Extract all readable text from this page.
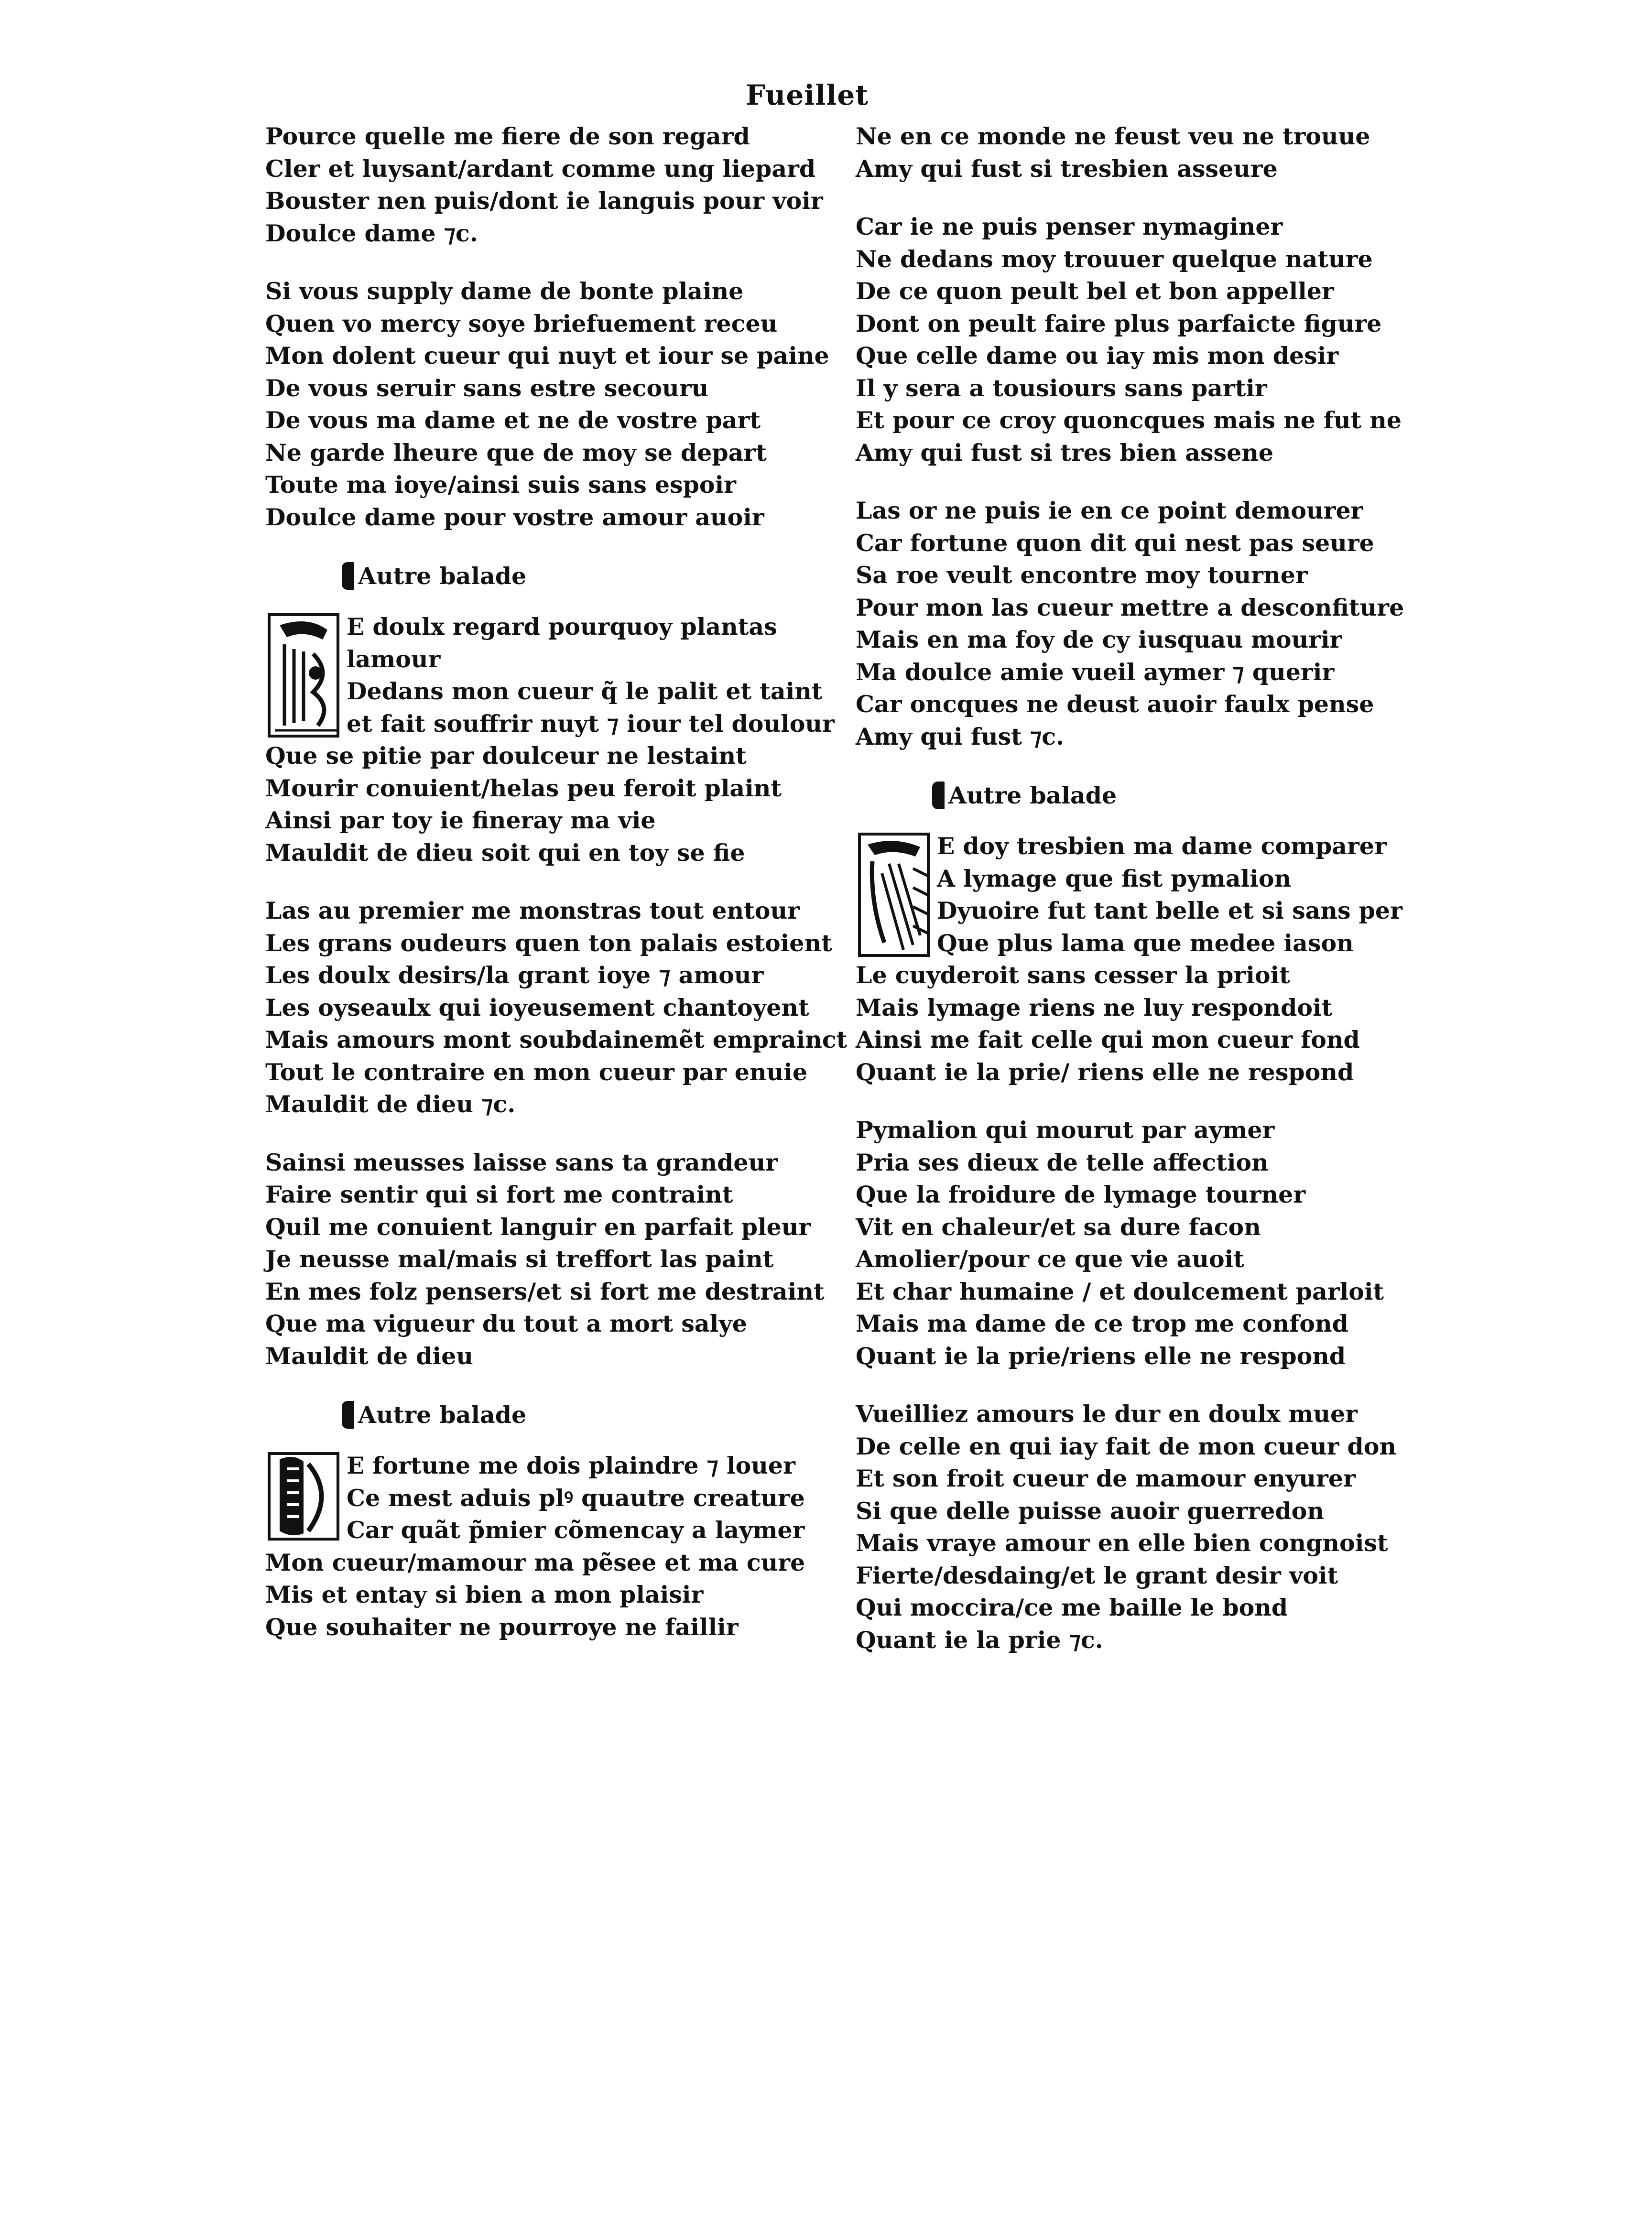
Fueillet
Pource quelle me fiere de son regard
Cler et luysant/ardant comme ung liepard
Bouster nen puis/dont ie languis pour voir
Doulce dame ⁊c.
Si vous supply dame de bonte plaine
Quen vo mercy soye briefuement receu
Mon dolent cueur qui nuyt et iour se paine
De vous seruir sans estre secouru
De vous ma dame et ne de vostre part
Ne garde lheure que de moy se depart
Toute ma ioye/ainsi suis sans espoir
Doulce dame pour vostre amour auoir
Autre balade
E doulx regard pourquoy plantas
lamour
Dedans mon cueur q̃ le palit et taint
et fait souffrir nuyt ⁊ iour tel doulour
Que se pitie par doulceur ne lestaint
Mourir conuient/helas peu feroit plaint
Ainsi par toy ie fineray ma vie
Mauldit de dieu soit qui en toy se fie
Las au premier me monstras tout entour
Les grans oudeurs quen ton palais estoient
Les doulx desirs/la grant ioye ⁊ amour
Les oyseaulx qui ioyeusement chantoyent
Mais amours mont soubdainemẽt emprainct
Tout le contraire en mon cueur par enuie
Mauldit de dieu ⁊c.
Sainsi meusses laisse sans ta grandeur
Faire sentir qui si fort me contraint
Quil me conuient languir en parfait pleur
Je neusse mal/mais si treffort las paint
En mes folz pensers/et si fort me destraint
Que ma vigueur du tout a mort salye
Mauldit de dieu
Autre balade
E fortune me dois plaindre ⁊ louer
Ce mest aduis plꝰ quautre creature
Car quãt p̃mier cõmencay a laymer
Mon cueur/mamour ma pẽsee et ma cure
Mis et entay si bien a mon plaisir
Que souhaiter ne pourroye ne faillir
Ne en ce monde ne feust veu ne trouue
Amy qui fust si tresbien asseure
Car ie ne puis penser nymaginer
Ne dedans moy trouuer quelque nature
De ce quon peult bel et bon appeller
Dont on peult faire plus parfaicte figure
Que celle dame ou iay mis mon desir
Il y sera a tousiours sans partir
Et pour ce croy quoncques mais ne fut ne
Amy qui fust si tres bien assene
Las or ne puis ie en ce point demourer
Car fortune quon dit qui nest pas seure
Sa roe veult encontre moy tourner
Pour mon las cueur mettre a desconfiture
Mais en ma foy de cy iusquau mourir
Ma doulce amie vueil aymer ⁊ querir
Car oncques ne deust auoir faulx pense
Amy qui fust ⁊c.
Autre balade
E doy tresbien ma dame comparer
A lymage que fist pymalion
Dyuoire fut tant belle et si sans per
Que plus lama que medee iason
Le cuyderoit sans cesser la prioit
Mais lymage riens ne luy respondoit
Ainsi me fait celle qui mon cueur fond
Quant ie la prie/ riens elle ne respond
Pymalion qui mourut par aymer
Pria ses dieux de telle affection
Que la froidure de lymage tourner
Vit en chaleur/et sa dure facon
Amolier/pour ce que vie auoit
Et char humaine / et doulcement parloit
Mais ma dame de ce trop me confond
Quant ie la prie/riens elle ne respond
Vueilliez amours le dur en doulx muer
De celle en qui iay fait de mon cueur don
Et son froit cueur de mamour enyurer
Si que delle puisse auoir guerredon
Mais vraye amour en elle bien congnoist
Fierte/desdaing/et le grant desir voit
Qui moccira/ce me baille le bond
Quant ie la prie ⁊c.
